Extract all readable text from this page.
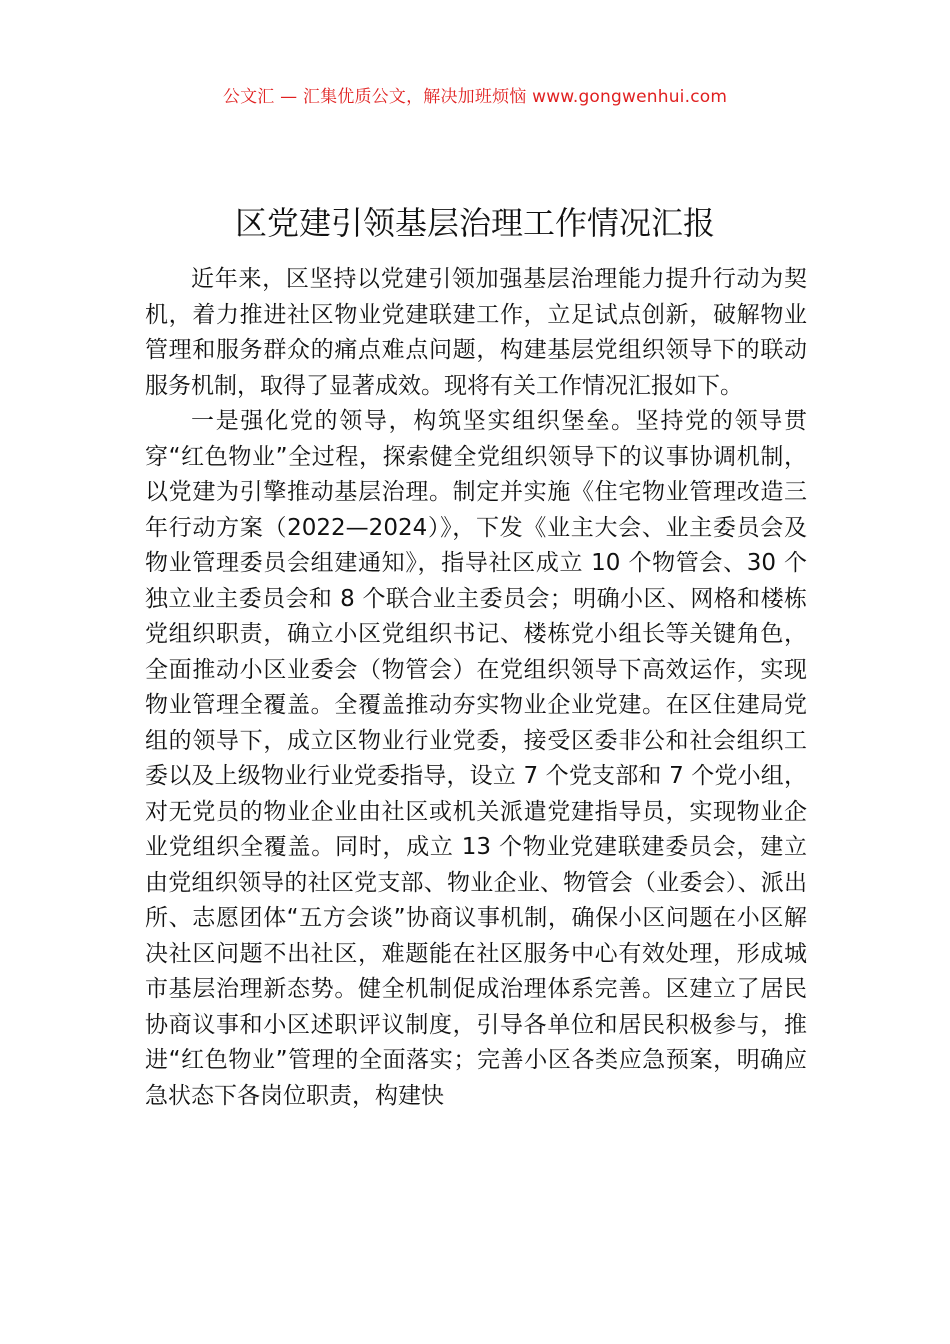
公文汇 — 汇集优质公文，解决加班烦恼 www.gongwenhui.com
区党建引领基层治理工作情况汇报

近年来，区坚持以党建引领加强基层治理能力提升行动为契机，着力推进社区物业党建联建工作，立足试点创新，破解物业管理和服务群众的痛点难点问题，构建基层党组织领导下的联动服务机制，取得了显著成效。现将有关工作情况汇报如下。

一是强化党的领导，构筑坚实组织堡垒。坚持党的领导贯穿“红色物业”全过程，探索健全党组织领导下的议事协调机制，以党建为引擎推动基层治理。制定并实施《住宅物业管理改造三年行动方案（2022—2024）》，下发《业主大会、业主委员会及物业管理委员会组建通知》，指导社区成立 10 个物管会、30 个独立业主委员会和 8 个联合业主委员会；明确小区、网格和楼栋党组织职责，确立小区党组织书记、楼栋党小组长等关键角色，全面推动小区业委会（物管会）在党组织领导下高效运作，实现物业管理全覆盖。全覆盖推动夯实物业企业党建。在区住建局党组的领导下，成立区物业行业党委，接受区委非公和社会组织工委以及上级物业行业党委指导，设立 7 个党支部和 7 个党小组，对无党员的物业企业由社区或机关派遣党建指导员，实现物业企业党组织全覆盖。同时，成立 13 个物业党建联建委员会，建立由党组织领导的社区党支部、物业企业、物管会（业委会）、派出所、志愿团体“五方会谈”协商议事机制，确保小区问题在小区解决社区问题不出社区，难题能在社区服务中心有效处理，形成城市基层治理新态势。健全机制促成治理体系完善。区建立了居民协商议事和小区述职评议制度，引导各单位和居民积极参与，推进“红色物业”管理的全面落实；完善小区各类应急预案，明确应急状态下各岗位职责，构建快
